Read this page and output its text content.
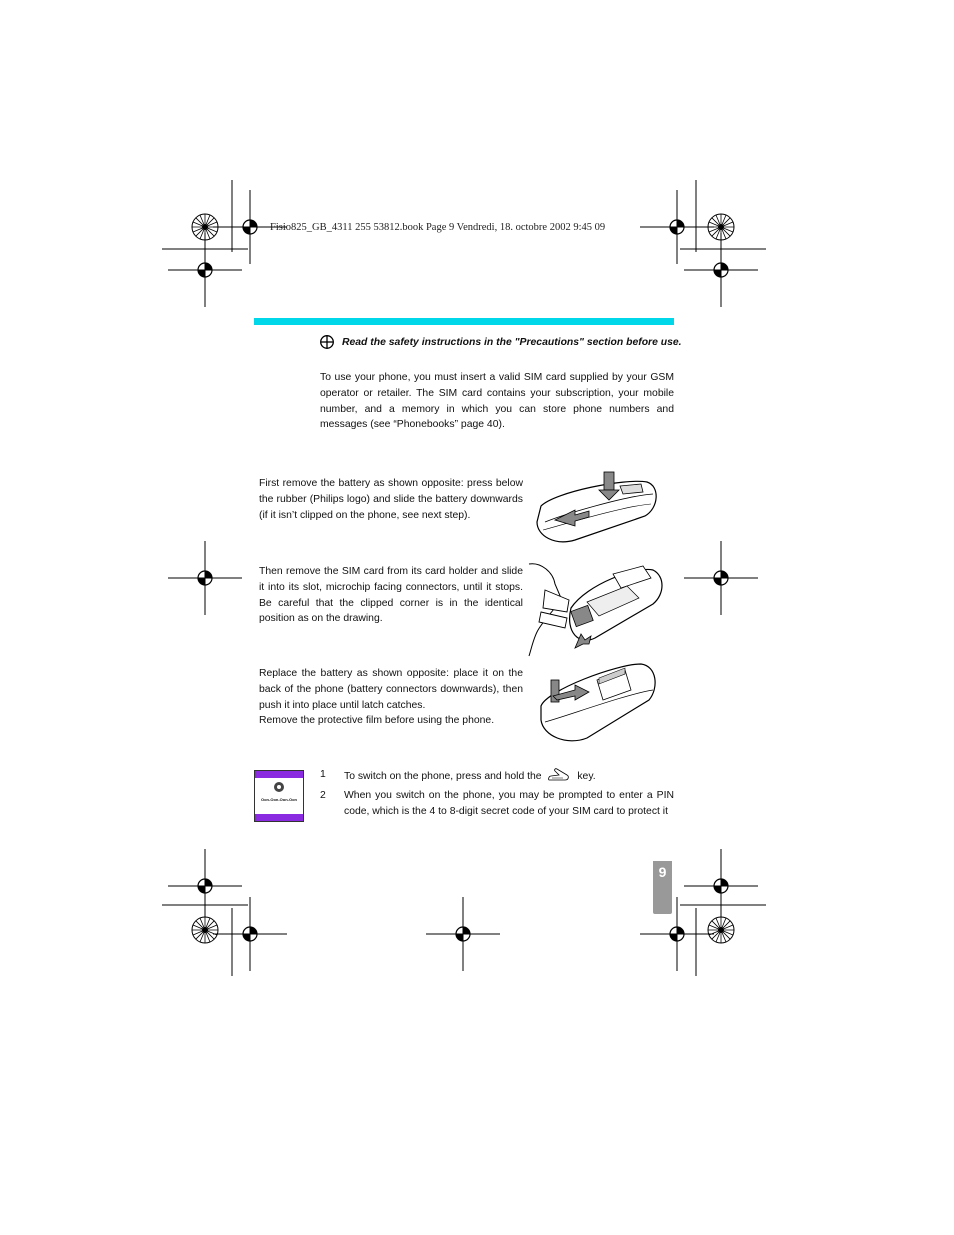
Fisio825_GB_4311 255 53812.book Page 9 Vendredi, 18. octobre 2002 9:45 09
Read the safety instructions in the "Precautions" section before use.
To use your phone, you must insert a valid SIM card supplied by your GSM operator or retailer. The SIM card contains your subscription, your mobile number, and a memory in which you can store phone numbers and messages (see “Phonebooks” page 40).
First remove the battery as shown opposite: press below the rubber (Philips logo) and slide the battery downwards (if it isn’t clipped on the phone, see next step).
Then remove the SIM card from its card holder and slide it into its slot, microchip facing connectors, until it stops. Be careful that the clipped corner is in the identical position as on the drawing.

Replace the battery as shown opposite: place it on the back of the phone (battery connectors downwards), then push it into place until latch catches.

Remove the protective film before using the phone.

Oon-Oon-Oon-Oon
1	To switch on the phone, press and hold the	key.
2	When you switch on the phone, you may be prompted to enter a PIN code, which is the 4 to 8-digit secret code of your SIM card to protect it
9
